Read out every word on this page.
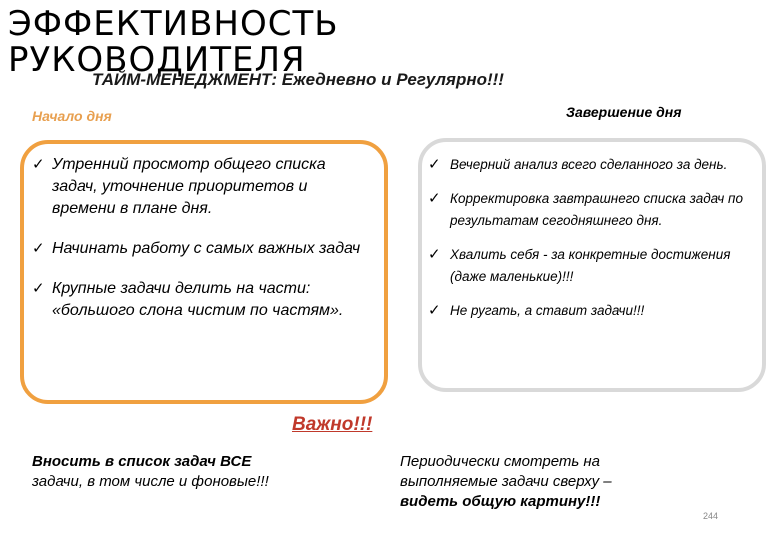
ЭФФЕКТИВНОСТЬ
РУКОВОДИТЕЛЯ
ТАЙМ-МЕНЕДЖМЕНТ: Ежедневно и Регулярно!!!
Начало дня	Завершение дня
✓ Утренний просмотр общего списка задач, уточнение приоритетов и времени в плане дня.
✓ Начинать работу с самых важных задач
✓ Крупные задачи делить на части: «большого слона чистим по частям».
✓ Вечерний анализ всего сделанного за день.
✓ Корректировка завтрашнего списка задач по результатам сегодняшнего дня.
✓ Хвалить себя - за конкретные достижения (даже маленькие)!!!
✓ Не ругать, а ставит задачи!!!
Важно!!!
Вносить в список задач ВСЕ
задачи, в том числе и фоновые!!!
Периодически смотреть на выполняемые задачи сверху –
видеть общую картину!!!
244
